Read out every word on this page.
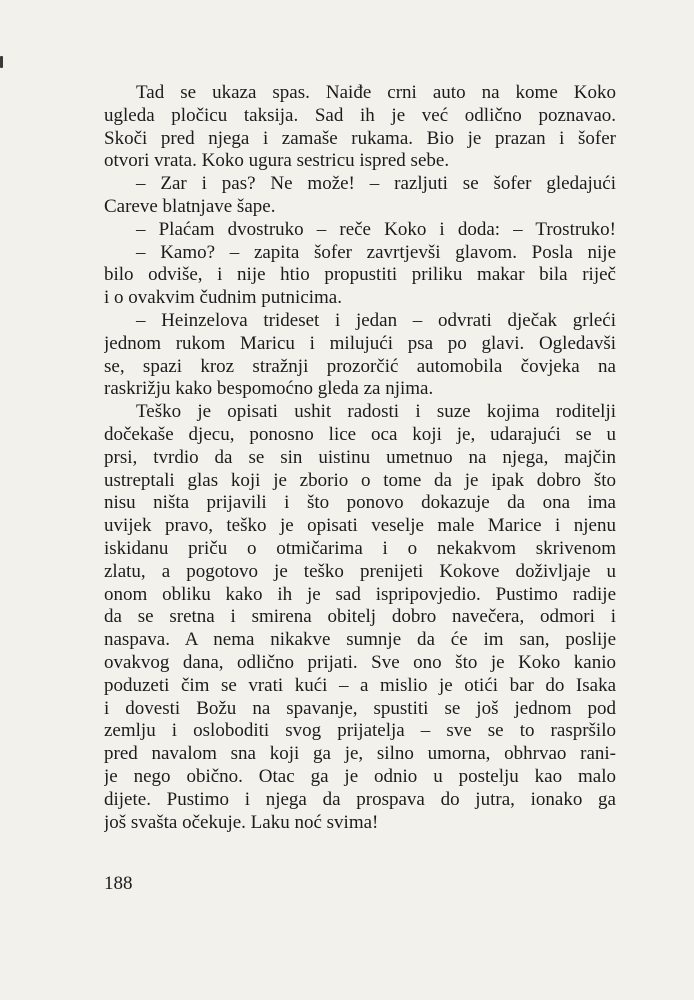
Tad se ukaza spas. Naiđe crni auto na kome Koko
ugleda pločicu taksija. Sad ih je već odlično poznavao.
Skoči pred njega i zamaše rukama. Bio je prazan i šofer
otvori vrata. Koko ugura sestricu ispred sebe.
– Zar i pas? Ne može! – razljuti se šofer gledajući
Careve blatnjave šape.
– Plaćam dvostruko – reče Koko i doda: – Trostruko!
– Kamo? – zapita šofer zavrtjevši glavom. Posla nije
bilo odviše, i nije htio propustiti priliku makar bila riječ
i o ovakvim čudnim putnicima.
– Heinzelova trideset i jedan – odvrati dječak grleći
jednom rukom Maricu i milujući psa po glavi. Ogledavši
se, spazi kroz stražnji prozorčić automobila čovjeka na
raskrižju kako bespomoćno gleda za njima.
Teško je opisati ushit radosti i suze kojima roditelji
dočekaše djecu, ponosno lice oca koji je, udarajući se u
prsi, tvrdio da se sin uistinu umetnuo na njega, majčin
ustreptali glas koji je zborio o tome da je ipak dobro što
nisu ništa prijavili i što ponovo dokazuje da ona ima
uvijek pravo, teško je opisati veselje male Marice i njenu
iskidanu priču o otmičarima i o nekakvom skrivenom
zlatu, a pogotovo je teško prenijeti Kokove doživljaje u
onom obliku kako ih je sad ispripovjedio. Pustimo radije
da se sretna i smirena obitelj dobro navečera, odmori i
naspava. A nema nikakve sumnje da će im san, poslije
ovakvog dana, odlično prijati. Sve ono što je Koko kanio
poduzeti čim se vrati kući – a mislio je otići bar do Isaka
i dovesti Božu na spavanje, spustiti se još jednom pod
zemlju i osloboditi svog prijatelja – sve se to raspršilo
pred navalom sna koji ga je, silno umorna, obhrvao rani-
je nego obično. Otac ga je odnio u postelju kao malo
dijete. Pustimo i njega da prospava do jutra, ionako ga
još svašta očekuje. Laku noć svima!
188
